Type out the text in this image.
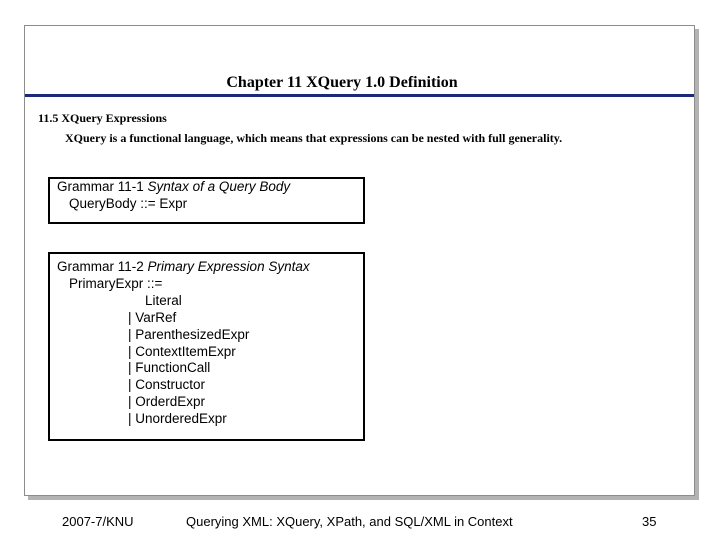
Chapter 11 XQuery 1.0 Definition
11.5 XQuery Expressions
XQuery is a functional language, which means that expressions can be nested with full generality.
Grammar 11-1 Syntax of a Query Body
QueryBody ::= Expr
Grammar 11-2 Primary Expression Syntax
PrimaryExpr ::=
Literal
| VarRef
| ParenthesizedExpr
| ContextItemExpr
| FunctionCall
| Constructor
| OrderdExpr
| UnorderedExpr
2007-7/KNU	Querying XML: XQuery, XPath, and SQL/XML in Context	35
